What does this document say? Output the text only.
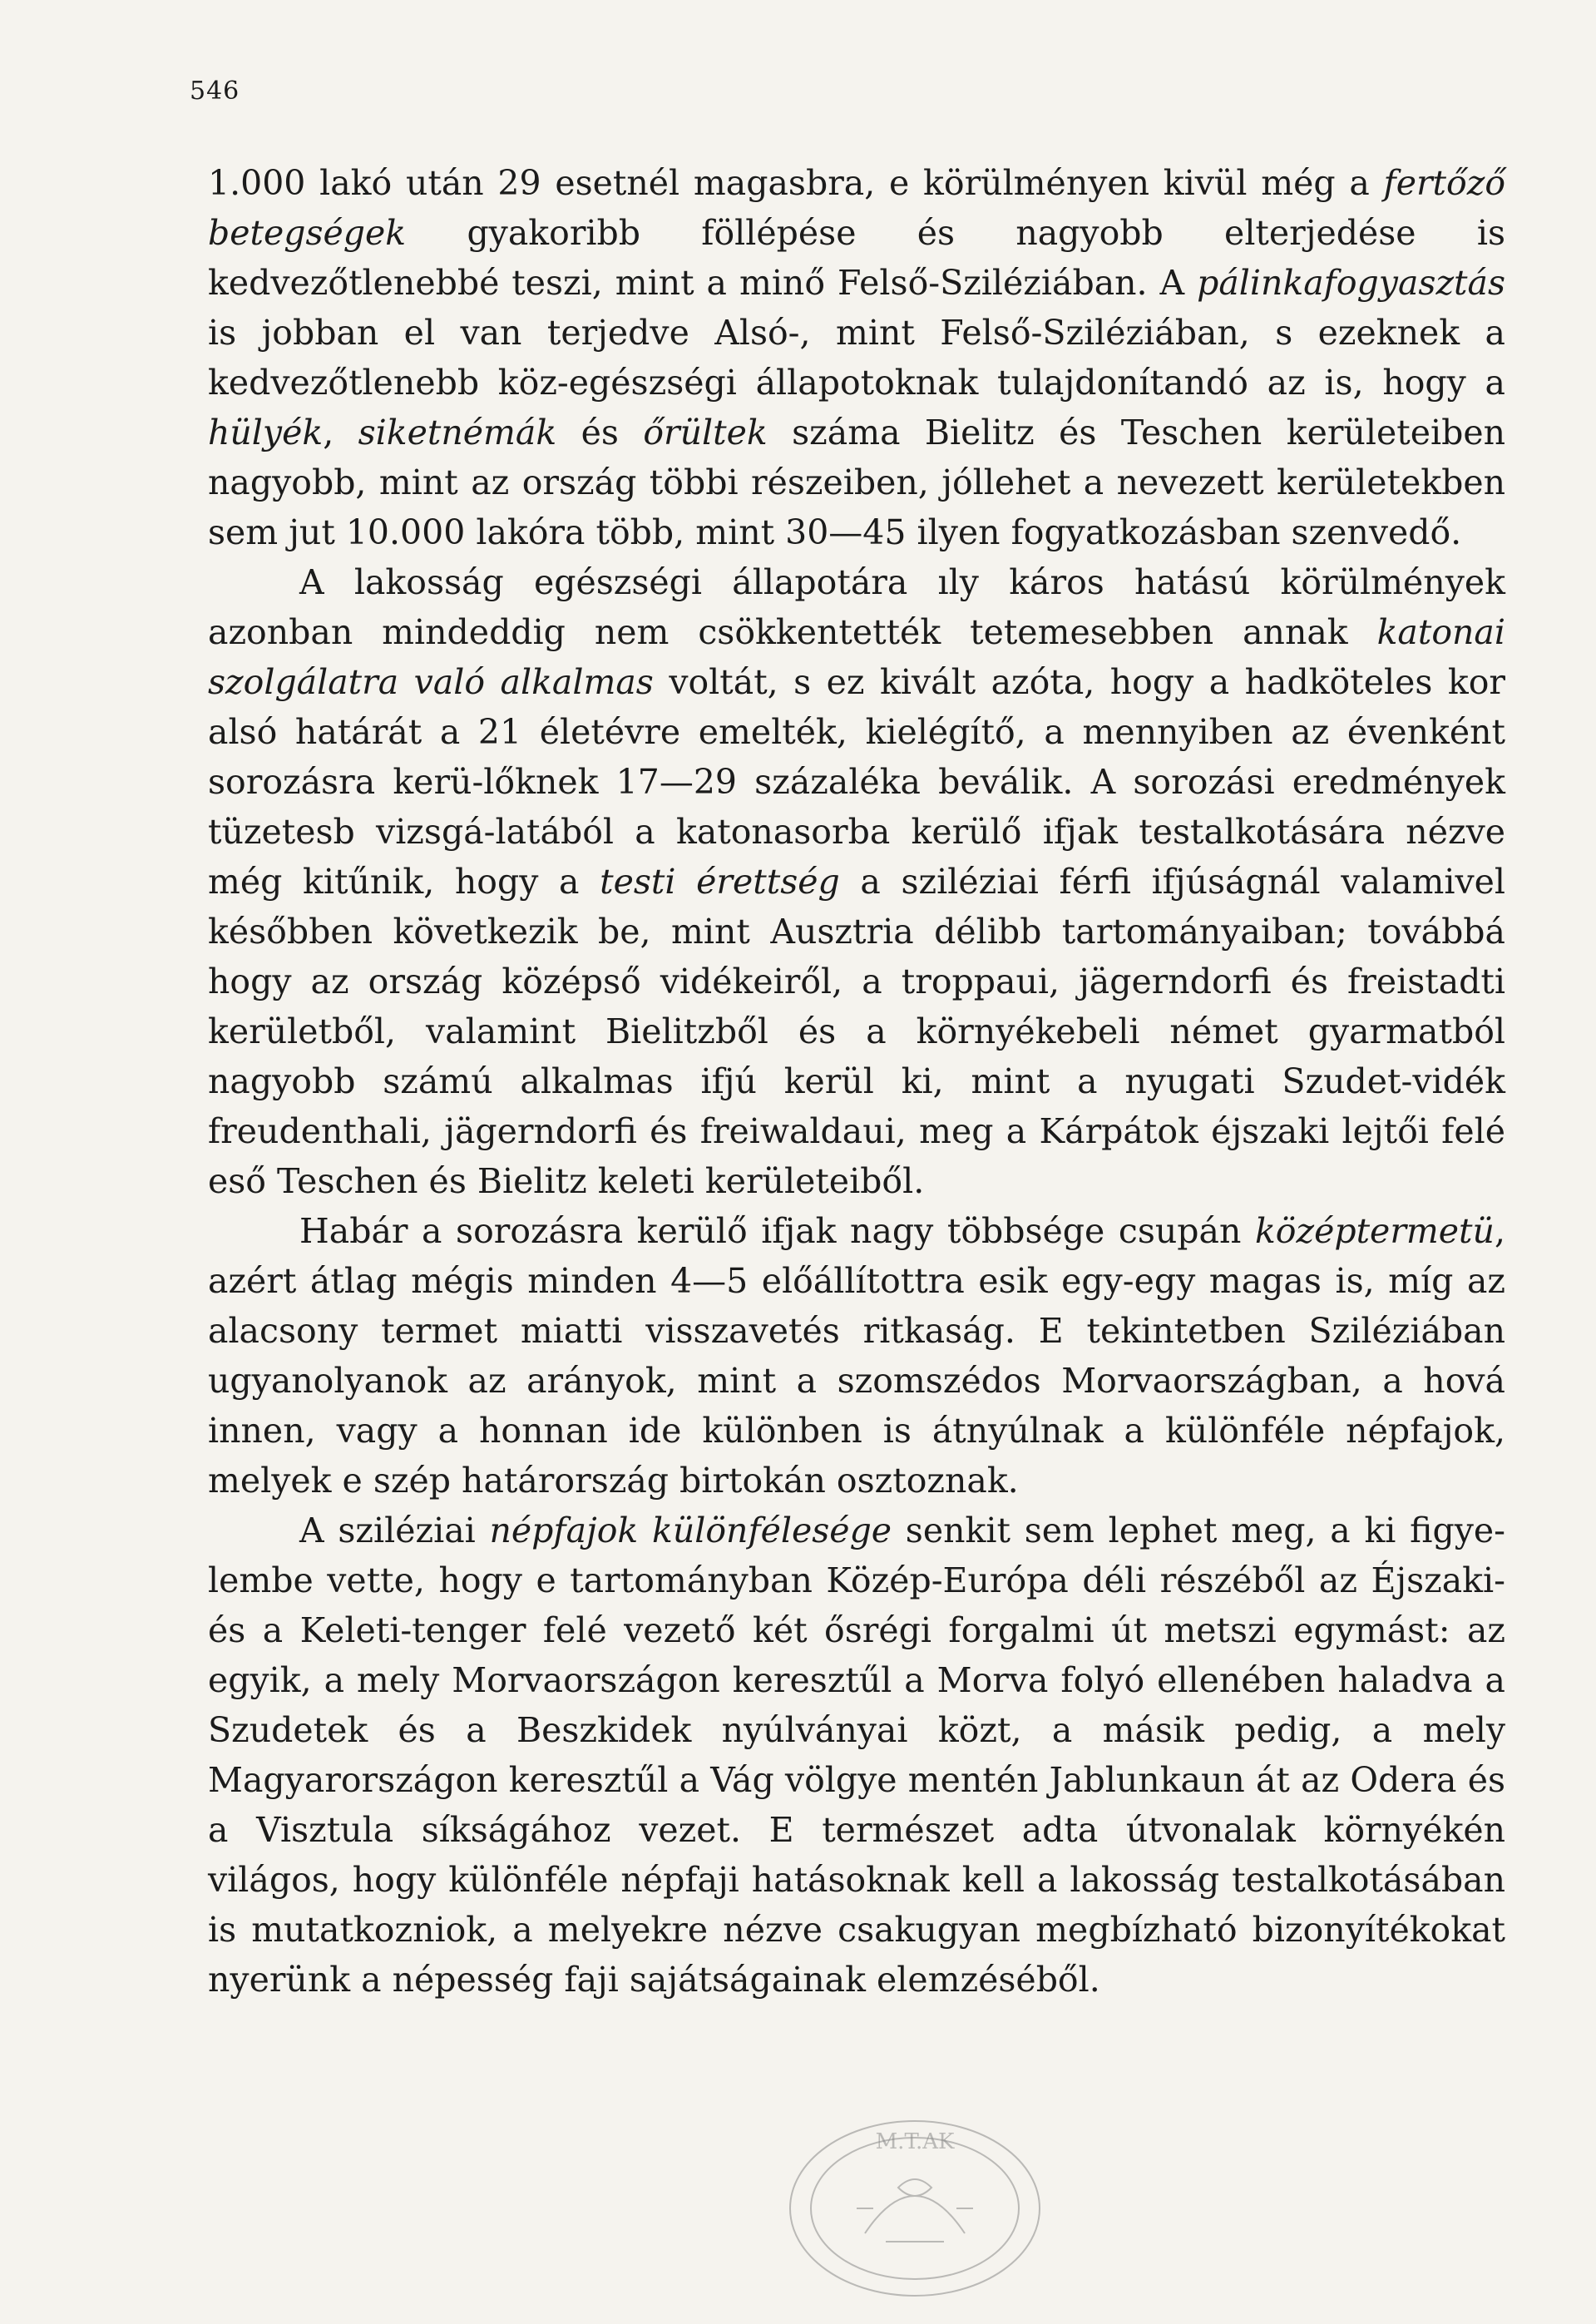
546

1.000 lakó után 29 esetnél magasbra, e körülményen kivül még a fertőző betegségek gyakoribb föllépése és nagyobb elterjedése is kedvezőtlenebbé teszi, mint a minő Felső-Sziléziában. A pálinkafogyasztás is jobban el van terjedve Alsó-, mint Felső-Sziléziában, s ezeknek a kedvezőtlenebb köz-egészségi állapotoknak tulajdonítandó az is, hogy a hülyék, siketnémák és őrültek száma Bielitz és Teschen kerületeiben nagyobb, mint az ország többi részeiben, jóllehet a nevezett kerületekben sem jut 10.000 lakóra több, mint 30—45 ilyen fogyatkozásban szenvedő.

A lakosság egészségi állapotára ıly káros hatású körülmények azonban mindeddig nem csökkentették tetemesebben annak katonai szolgálatra való alkalmas voltát, s ez kivált azóta, hogy a hadköteles kor alsó határát a 21 életévre emelték, kielégítő, a mennyiben az évenként sorozásra kerü-lőknek 17—29 százaléka beválik. A sorozási eredmények tüzetesb vizsgá-latából a katonasorba kerülő ifjak testalkotására nézve még kitűnik, hogy a testi érettség a sziléziai férfi ifjúságnál valamivel későbben következik be, mint Ausztria délibb tartományaiban; továbbá hogy az ország középső vidékeiről, a troppaui, jägerndorfi és freistadti kerületből, valamint Bielitzből és a környékebeli német gyarmatból nagyobb számú alkalmas ifjú kerül ki, mint a nyugati Szudet-vidék freudenthali, jägerndorfi és freiwaldaui, meg a Kárpátok éjszaki lejtői felé eső Teschen és Bielitz keleti kerületeiből.

Habár a sorozásra kerülő ifjak nagy többsége csupán középtermetü, azért átlag mégis minden 4—5 előállítottra esik egy-egy magas is, míg az alacsony termet miatti visszavetés ritkaság. E tekintetben Sziléziában ugyanolyanok az arányok, mint a szomszédos Morvaországban, a hová innen, vagy a honnan ide különben is átnyúlnak a különféle népfajok, melyek e szép határország birtokán osztoznak.

A sziléziai népfajok különfélesége senkit sem lephet meg, a ki figye-lembe vette, hogy e tartományban Közép-Európa déli részéből az Éjszaki- és a Keleti-tenger felé vezető két ősrégi forgalmi út metszi egymást: az egyik, a mely Morvaországon keresztűl a Morva folyó ellenében haladva a Szudetek és a Beszkidek nyúlványai közt, a másik pedig, a mely Magyarországon keresztűl a Vág völgye mentén Jablunkaun át az Odera és a Visztula síkságához vezet. E természet adta útvonalak környékén világos, hogy különféle népfaji hatásoknak kell a lakosság testalkotásában is mutatkozniok, a melyekre nézve csakugyan megbízható bizonyítékokat nyerünk a népesség faji sajátságainak elemzéséből.

M.T.AK
